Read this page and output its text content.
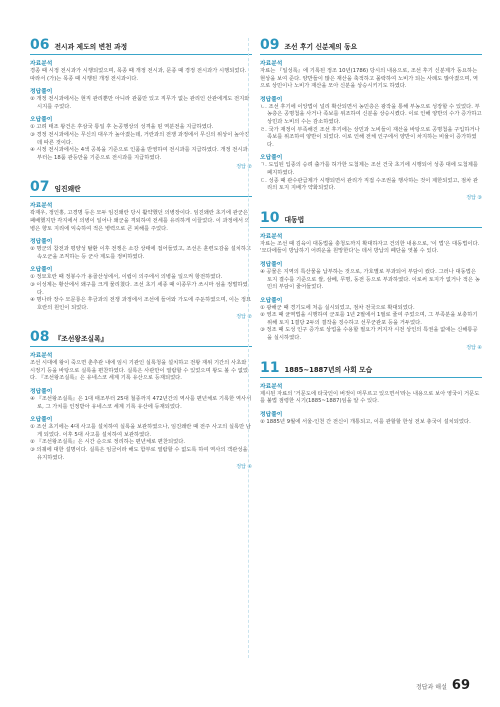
06 전시과 제도의 변천 과정
자료분석

경종 때 시정 전시과가 시행되었으며, 목종 때 개정 전시과, 문종 때 경정 전시과가 시행되었다. 따라서 (가)는 목종 때 시행된 개정 전시과이다.

정답풀이
② 개정 전시과에서는 현직 관리뿐만 아니라 관품만 있고 직무가 없는 관리인 산관에게도 전지와 시지를 주었다.
오답풀이
① 고려 태조 왕건은 후삼국 통일 후 논공행상의 성격을 띤 역분전을 지급하였다.
③ 경정 전시과에서는 무신의 대우가 높아졌는데, 거란과의 전쟁 과정에서 무신의 위상이 높아진 데 따른 것이다.
④ 시정 전시과에서는 4색 공복을 기준으로 인품을 반영하여 전시과를 지급하였다. 개정 전시과부터는 18품 관등만을 기준으로 전시과를 지급하였다.
정답 ②
07 임진왜란
자료분석

곽재우, 정인홍, 고경명 등은 모두 임진왜란 당시 활약했던 의병장이다. 임진왜란 초기에 관군은 패배했지만 각지에서 의병이 일어나 왜군을 격퇴하여 전세를 유리하게 이끌었다. 이 과정에서 의병은 향토 지리에 익숙하여 적은 병력으로 큰 피해를 주었다.

정답풀이
② 명군의 참전과 평양성 탈환 이후 전쟁은 소강 상태에 접어들었고, 조선은 훈련도감을 설치하고 속오군을 조직하는 등 군사 제도를 정비하였다.
오답풀이
① 정묘호란 때 정봉수가 용골산성에서, 이립이 의주에서 의병을 일으켜 항전하였다.
③ 이성계는 황산에서 왜구를 크게 물리쳤다. 조선 초기 세종 때 이종무가 쓰시마 섬을 정벌하였다.
④ 명나라 장수 모문룡은 후금과의 전쟁 과정에서 조선에 들어와 가도에 주둔하였으며, 이는 정묘호란의 원인이 되었다.
정답 ②
08 『조선왕조실록』
자료분석

조선 시대에 왕이 죽으면 춘추관 내에 임시 기관인 실록청을 설치하고 전왕 재위 기간의 사초와 시정기 등을 바탕으로 실록을 편찬하였다. 실록은 사관만이 열람할 수 있었으며 왕도 볼 수 없었다. 『조선왕조실록』은 유네스코 세계 기록 유산으로 등재되었다.

정답풀이
④ 『조선왕조실록』은 1대 태조부터 25대 철종까지 472년간의 역사를 편년체로 기록한 역사서로, 그 가치를 인정받아 유네스코 세계 기록 유산에 등재되었다.
오답풀이
① 조선 초기에는 4대 사고를 설치하여 실록을 보관하였으나, 임진왜란 때 전주 사고의 실록만 남게 되었다. 이후 5대 사고를 설치하여 보관하였다.
② 『조선왕조실록』은 시간 순으로 정리하는 편년체로 편찬되었다.
③ 의궤에 대한 설명이다. 실록은 임금이라 해도 함부로 열람할 수 없도록 하여 역사의 객관성을 유지하였다.
정답 ④
09 조선 후기 신분제의 동요
자료분석

자료는 『일성록』에 기록된 정조 10년(1786) 당시의 내용으로, 조선 후기 신분제가 동요하는 현상을 보여 준다. 양반들이 많은 재산을 축적하고 몰락하여 노비가 되는 사례도 많아졌으며, 역으로 상민이나 노비가 재산을 모아 신분을 상승시키기도 하였다.

정답풀이
ㄴ. 조선 후기에 이앙법이 널리 확산되면서 농민층은 광작을 통해 부농으로 성장할 수 있었다. 부농층은 공명첩을 사거나 족보를 위조하여 신분을 상승시켰다. 이로 인해 양반의 수가 증가하고 상민과 노비의 수는 감소하였다.
ㄹ. 국가 재정이 부족해진 조선 후기에는 상민과 노비들이 재산을 바탕으로 공명첩을 구입하거나 족보를 위조하여 양반이 되었다. 이로 인해 전체 인구에서 양반이 차지하는 비율이 증가하였다.
오답풀이
ㄱ. 도입된 입종의 승려 출가를 허가한 도첩제는 조선 건국 초기에 시행되어 성종 대에 도첩제를 폐지하였다.
ㄷ. 성종 때 관수관급제가 시행되면서 관리가 직접 수조권을 행사하는 것이 제한되었고, 점차 관리의 토지 지배가 약화되었다.
정답 ③
10 대동법
자료분석

자료는 조선 때 김육이 대동법을 충청도까지 확대하자고 건의한 내용으로, '이 법'은 대동법이다. '모다에들이 방납하기 어려운을 원망한다'는 데서 방납의 폐단을 엿볼 수 있다.

정답풀이
④ 공물은 지역의 특산물을 납부하는 것으로, 가호별로 부과되어 부담이 컸다. 그러나 대동법은 토지 결수를 기준으로 쌀, 삼베, 무명, 동전 등으로 부과하였다. 이로써 토지가 없거나 적은 농민의 부담이 줄어들었다.
오답풀이
① 광해군 때 경기도에 처음 실시되었고, 점차 전국으로 확대되었다.
② 영조 때 균역법을 시행하여 군포를 1년 2필에서 1필로 줄여 주었으며, 그 부족분을 보충하기 위해 토지 1결당 2두의 결작을 징수하고 선무군관포 등을 거두었다.
③ 정조 때 도성 인구 증가로 상업을 수용할 필요가 커지자 시전 상인의 특권을 없애는 신해통공을 실시하였다.
정답 ④
11 1885~1887년의 사회 모습
자료분석

제시된 자료의 '거문도에 타국인이 버젓이 머무르고 있으면서'라는 내용으로 보아 영국이 거문도를 불법 점령한 시기(1885~1887)임을 알 수 있다.

정답풀이
② 1885년 9월에 서울-인천 간 전신이 개통되고, 이를 관할할 한성 전보 총국이 설치되었다.
정답과 해설 69
